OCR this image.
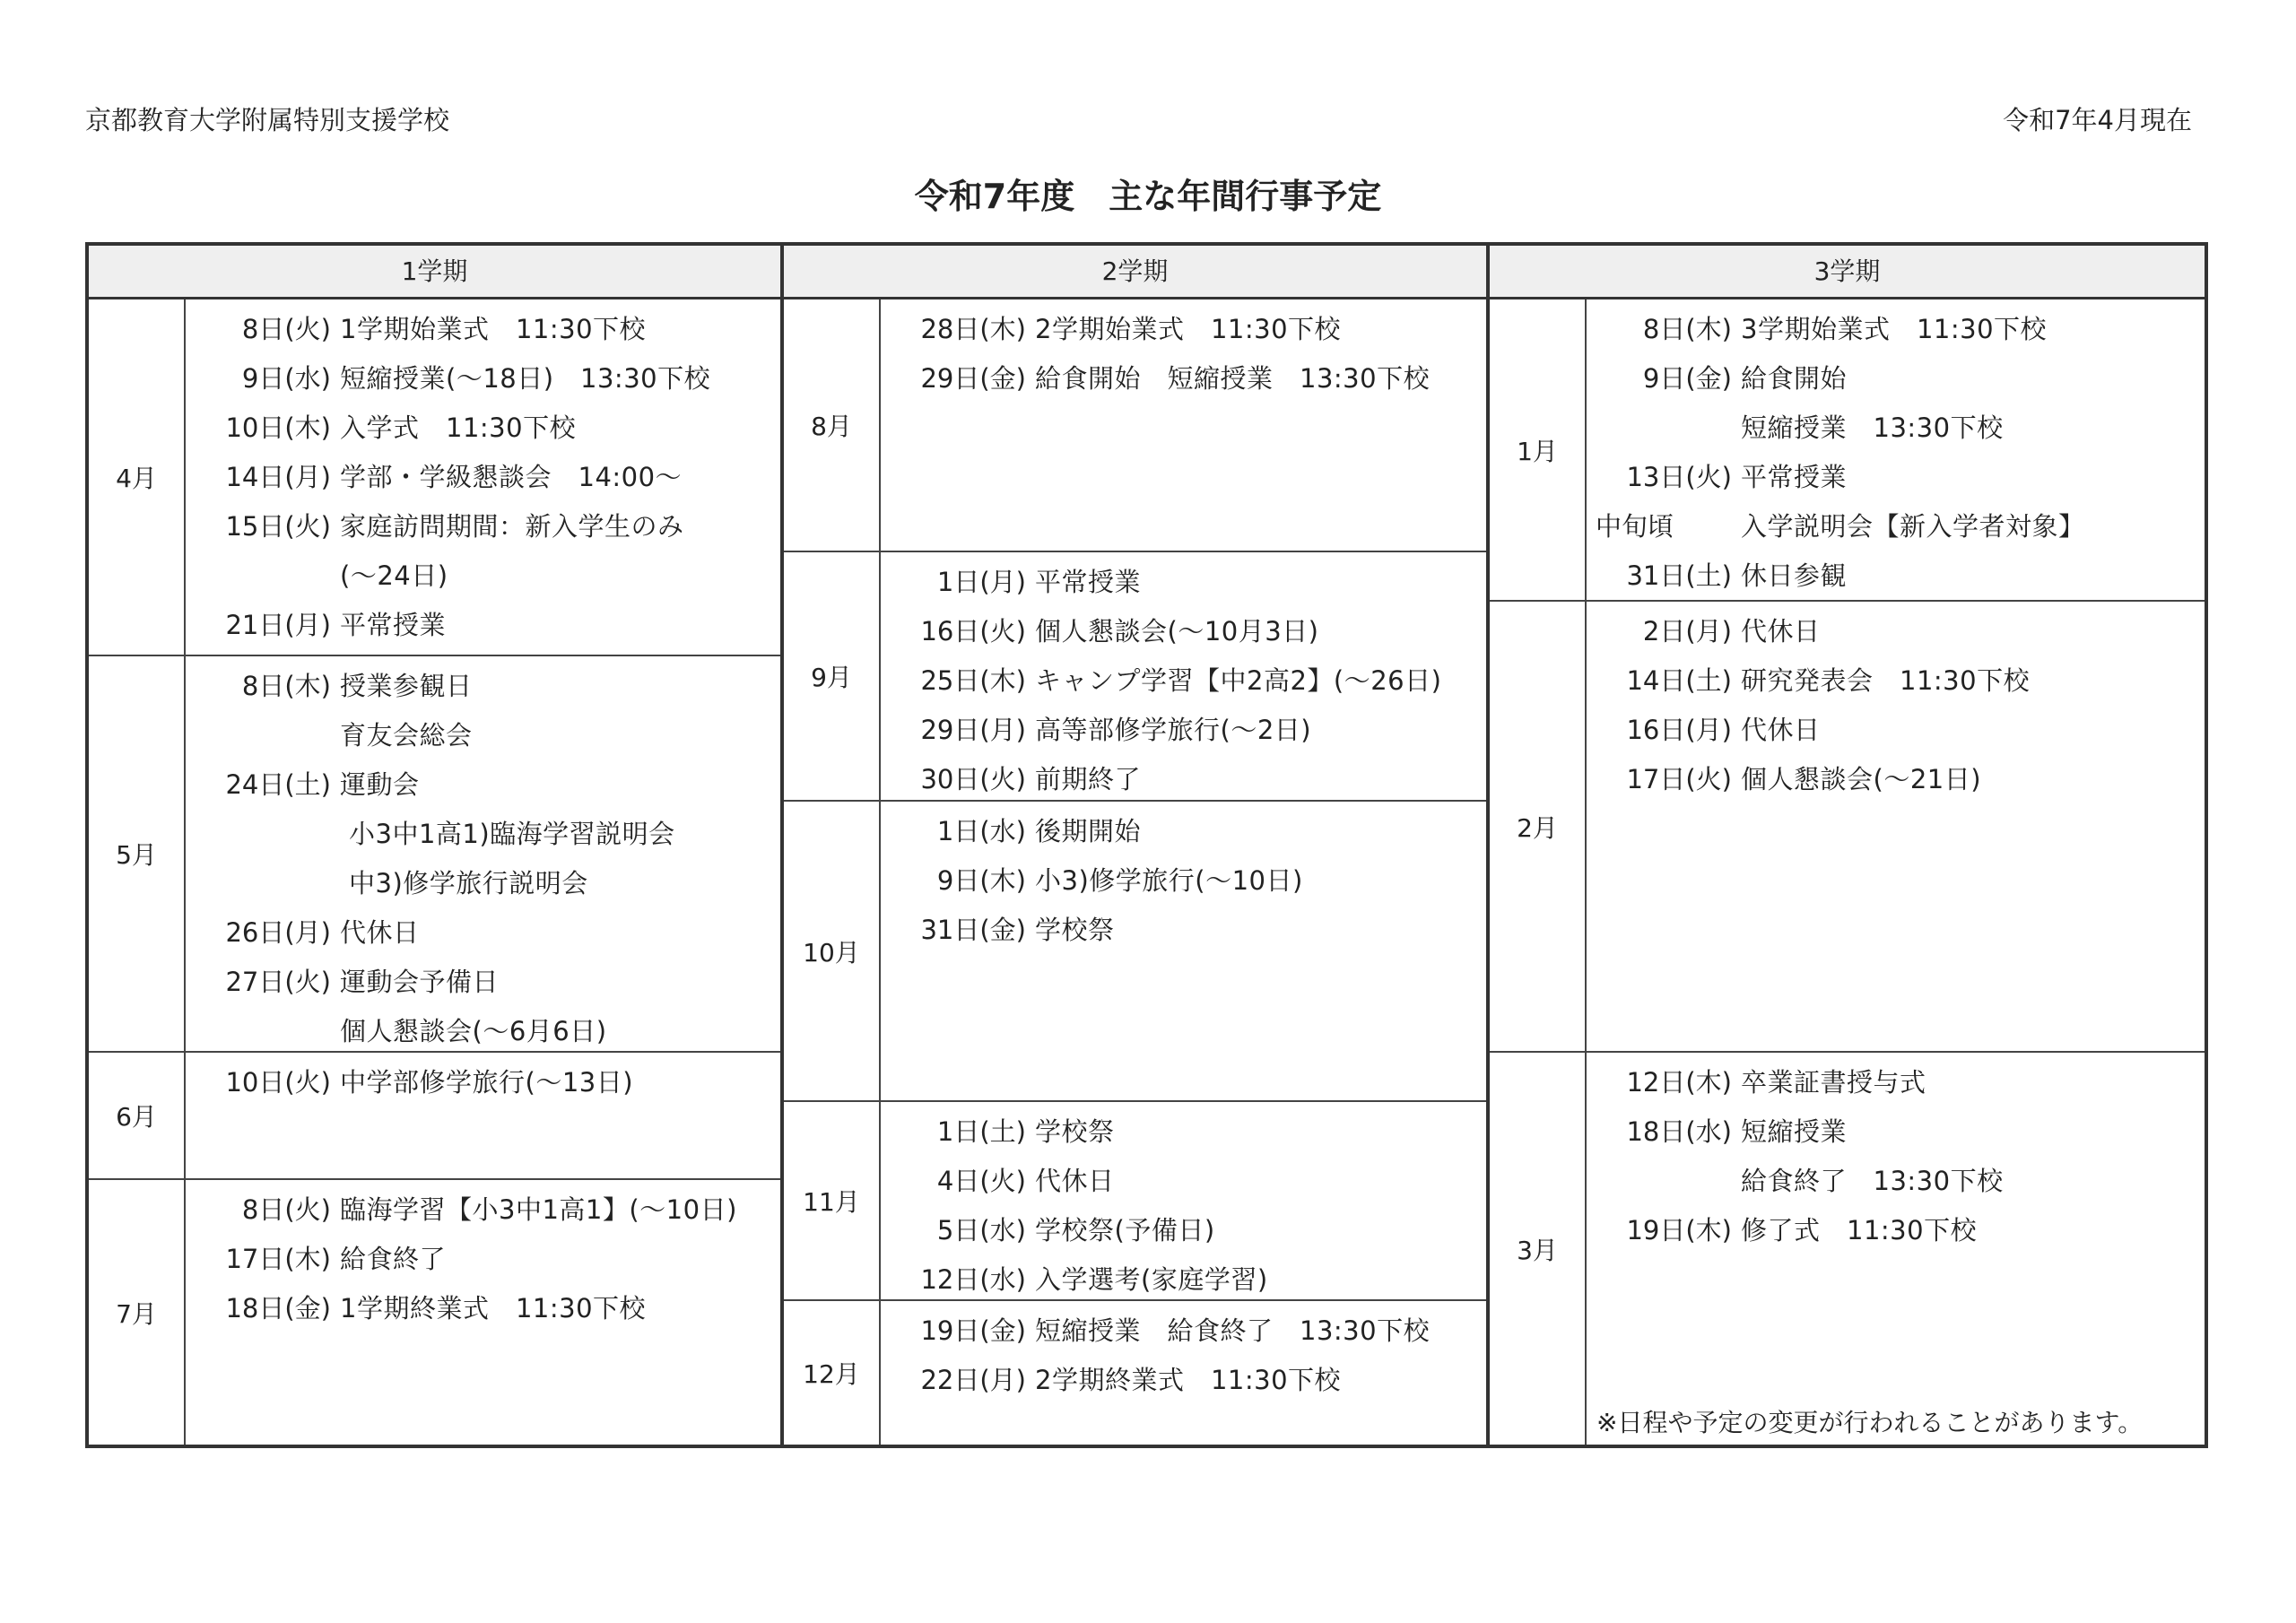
京都教育大学附属特別支援学校	令和7年4月現在
令和7年度　主な年間行事予定
1学期
4月
8日(火) 1学期始業式　11:30下校
9日(水) 短縮授業(～18日)　13:30下校
10日(木) 入学式　11:30下校
14日(月) 学部・学級懇談会　14:00～
15日(火) 家庭訪問期間：新入学生のみ
(～24日)
21日(月) 平常授業
5月
8日(木) 授業参観日
育友会総会
24日(土) 運動会
小3中1高1)臨海学習説明会
中3)修学旅行説明会
26日(月) 代休日
27日(火) 運動会予備日
個人懇談会(～6月6日)
6月
10日(火) 中学部修学旅行(～13日)
7月
8日(火) 臨海学習【小3中1高1】(～10日)
17日(木) 給食終了
18日(金) 1学期終業式　11:30下校
2学期
8月
28日(木) 2学期始業式　11:30下校
29日(金) 給食開始　短縮授業　13:30下校
9月
1日(月) 平常授業
16日(火) 個人懇談会(～10月3日)
25日(木) キャンプ学習【中2高2】(～26日)
29日(月) 高等部修学旅行(～2日)
30日(火) 前期終了
10月
1日(水) 後期開始
9日(木) 小3)修学旅行(～10日)
31日(金) 学校祭
11月
1日(土) 学校祭
4日(火) 代休日
5日(水) 学校祭(予備日)
12日(水) 入学選考(家庭学習)
12月
19日(金) 短縮授業　給食終了　13:30下校
22日(月) 2学期終業式　11:30下校
3学期
1月
8日(木) 3学期始業式　11:30下校
9日(金) 給食開始
短縮授業　13:30下校
13日(火) 平常授業
中旬頃	入学説明会【新入学者対象】
31日(土) 休日参観
2月
2日(月) 代休日
14日(土) 研究発表会　11:30下校
16日(月) 代休日
17日(火) 個人懇談会(～21日)
3月
12日(木) 卒業証書授与式
18日(水) 短縮授業
給食終了　13:30下校
19日(木) 修了式　11:30下校
※日程や予定の変更が行われることがあります。
